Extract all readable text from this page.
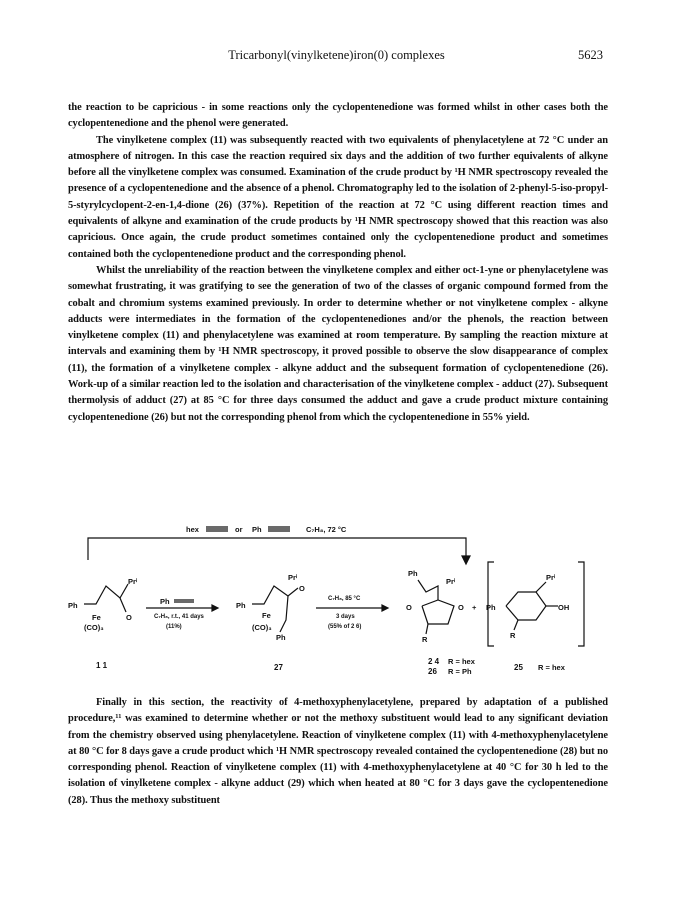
Tricarbonyl(vinylketene)iron(0) complexes	5623

the reaction to be capricious - in some reactions only the cyclopentenedione was formed whilst in other cases both the cyclopentenedione and the phenol were generated.

The vinylketene complex (11) was subsequently reacted with two equivalents of phenylacetylene at 72 °C under an atmosphere of nitrogen. In this case the reaction required six days and the addition of two further equivalents of alkyne before all the vinylketene complex was consumed. Examination of the crude product by ¹H NMR spectroscopy revealed the presence of a cyclopentenedione and the absence of a phenol. Chromatography led to the isolation of 2-phenyl-5-iso-propyl-5-styrylcyclopent-2-en-1,4-dione (26) (37%). Repetition of the reaction at 72 °C using different reaction times and equivalents of alkyne and examination of the crude products by ¹H NMR spectroscopy showed that this reaction was also capricious. Once again, the crude product sometimes contained only the cyclopentenedione product and sometimes contained both the cyclopentenedione product and the corresponding phenol.

Whilst the unreliability of the reaction between the vinylketene complex and either oct-1-yne or phenylacetylene was somewhat frustrating, it was gratifying to see the generation of two of the classes of organic compound formed from the cobalt and chromium systems examined previously. In order to determine whether or not vinylketene complex - alkyne adducts were intermediates in the formation of the cyclopentenediones and/or the phenols, the reaction between vinylketene complex (11) and phenylacetylene was examined at room temperature. By sampling the reaction mixture at intervals and examining them by ¹H NMR spectroscopy, it proved possible to observe the slow disappearance of complex (11), the formation of a vinylketene complex - alkyne adduct and the subsequent formation of cyclopentenedione (26). Work-up of a similar reaction led to the isolation and characterisation of the vinylketene complex - adduct (27). Subsequent thermolysis of adduct (27) at 85 °C for three days consumed the adduct and gave a crude product mixture containing cyclopentenedione (26) but not the corresponding phenol from which the cyclopentenedione in 55% yield.

hex	or Ph	C₇H₈, 72 °C
Ph
Prⁱ
O
Fe
(CO)₃
1 1
Ph
C₇H₈, r.t., 41 days
(11%)
Ph
Prⁱ
O
Fe
(CO)₃
Ph
27
C₇H₈, 85 °C
3 days
(55% of 2 6)
Ph
Prⁱ
O	O
R
2 4 R = hex
26 R = Ph
+ Ph
Prⁱ
OH
R
25 R = hex

Finally in this section, the reactivity of 4-methoxyphenylacetylene, prepared by adaptation of a published procedure,¹¹ was examined to determine whether or not the methoxy substituent would lead to any significant deviation from the chemistry observed using phenylacetylene. Reaction of vinylketene complex (11) with 4-methoxyphenylacetylene at 80 °C for 8 days gave a crude product which ¹H NMR spectroscopy revealed contained the cyclopentenedione (28) but no corresponding phenol. Reaction of vinylketene complex (11) with 4-methoxyphenylacetylene at 40 °C for 30 h led to the isolation of vinylketene complex - alkyne adduct (29) which when heated at 80 °C for 3 days gave the cyclopentenedione (28). Thus the methoxy substituent
